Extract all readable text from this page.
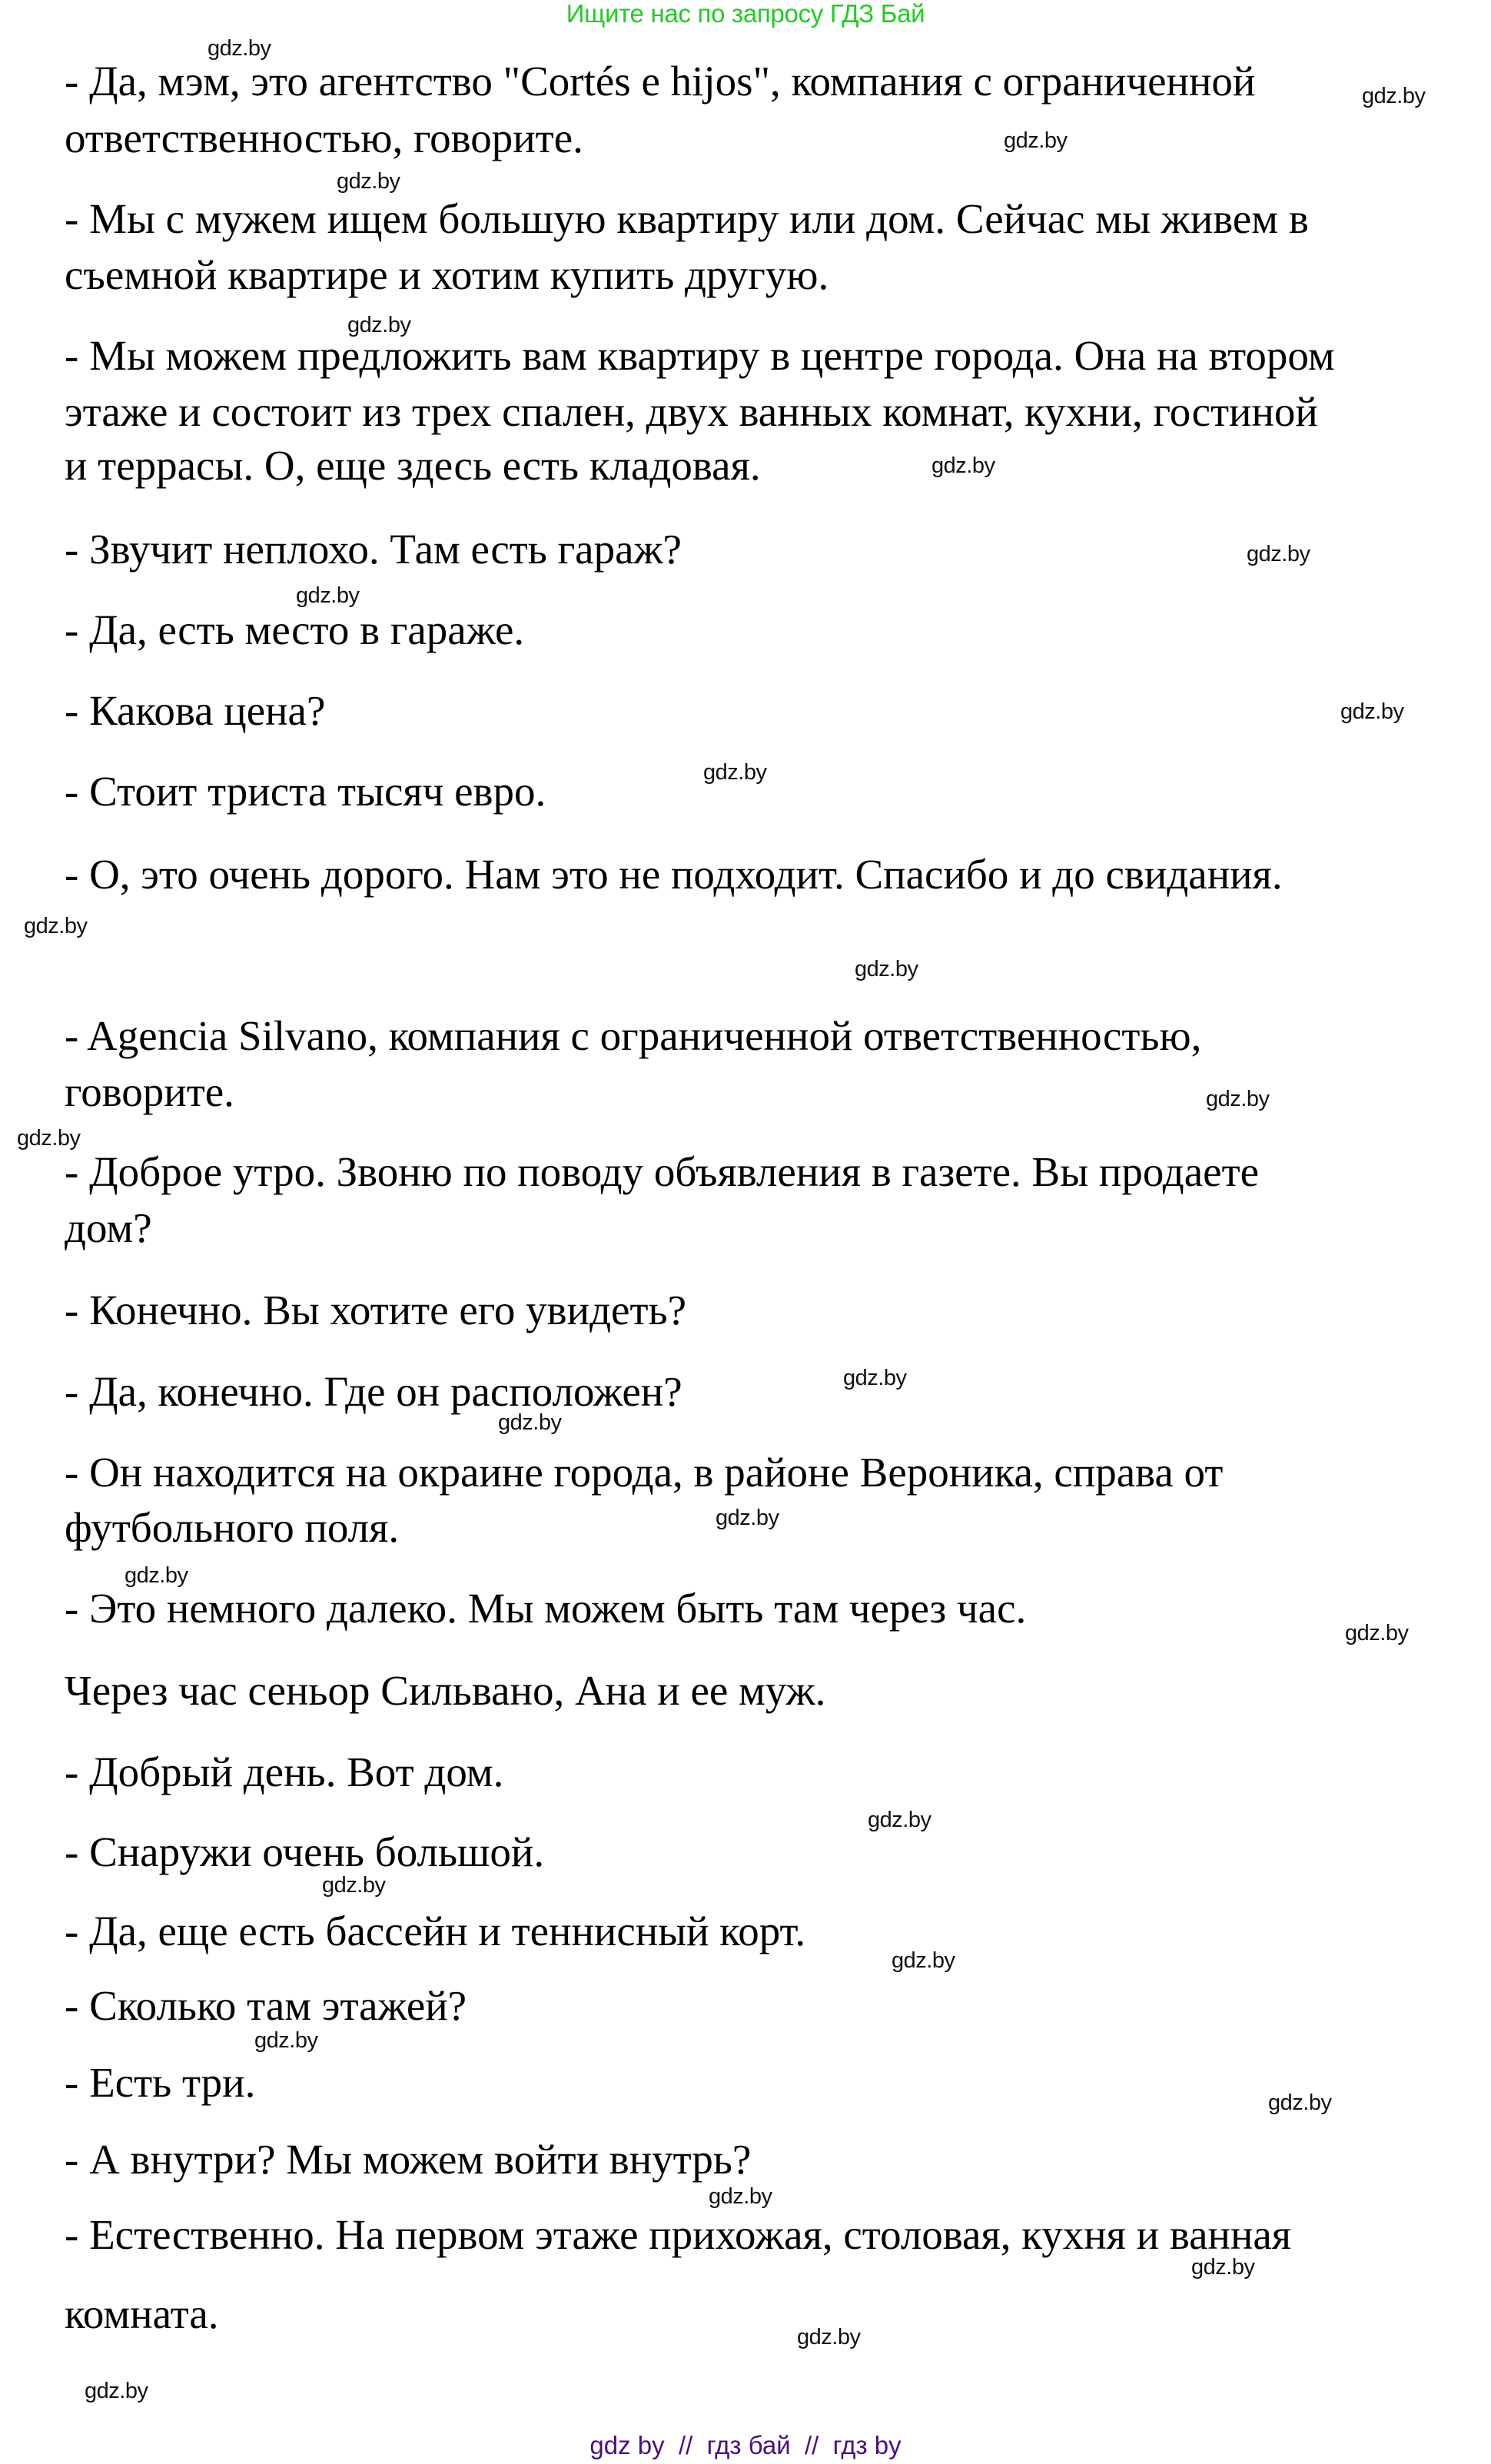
Ищите нас по запросу ГДЗ Бай
- Да, мэм, это агентство "Cortés e hijos", компания с ограниченной
ответственностью, говорите.
- Мы с мужем ищем большую квартиру или дом. Сейчас мы живем в
съемной квартире и хотим купить другую.
- Мы можем предложить вам квартиру в центре города. Она на втором
этаже и состоит из трех спален, двух ванных комнат, кухни, гостиной
и террасы. О, еще здесь есть кладовая.
- Звучит неплохо. Там есть гараж?
- Да, есть место в гараже.
- Какова цена?
- Стоит триста тысяч евро.
- О, это очень дорого. Нам это не подходит. Спасибо и до свидания.
- Agencia Silvano, компания с ограниченной ответственностью,
говорите.
- Доброе утро. Звоню по поводу объявления в газете. Вы продаете
дом?
- Конечно. Вы хотите его увидеть?
- Да, конечно. Где он расположен?
- Он находится на окраине города, в районе Вероника, справа от
футбольного поля.
- Это немного далеко. Мы можем быть там через час.
Через час сеньор Сильвано, Ана и ее муж.
- Добрый день. Вот дом.
- Снаружи очень большой.
- Да, еще есть бассейн и теннисный корт.
- Сколько там этажей?
- Есть три.
- А внутри? Мы можем войти внутрь?
- Естественно. На первом этаже прихожая, столовая, кухня и ванная
комната.
gdz.by
gdz.by
gdz.by
gdz.by
gdz.by
gdz.by
gdz.by
gdz.by
gdz.by
gdz.by
gdz.by
gdz.by
gdz.by
gdz.by
gdz.by
gdz.by
gdz.by
gdz.by
gdz.by
gdz.by
gdz.by
gdz.by
gdz.by
gdz.by
gdz.by
gdz.by
gdz.by
gdz.by
gdz by  //  гдз бай  //  гдз by
